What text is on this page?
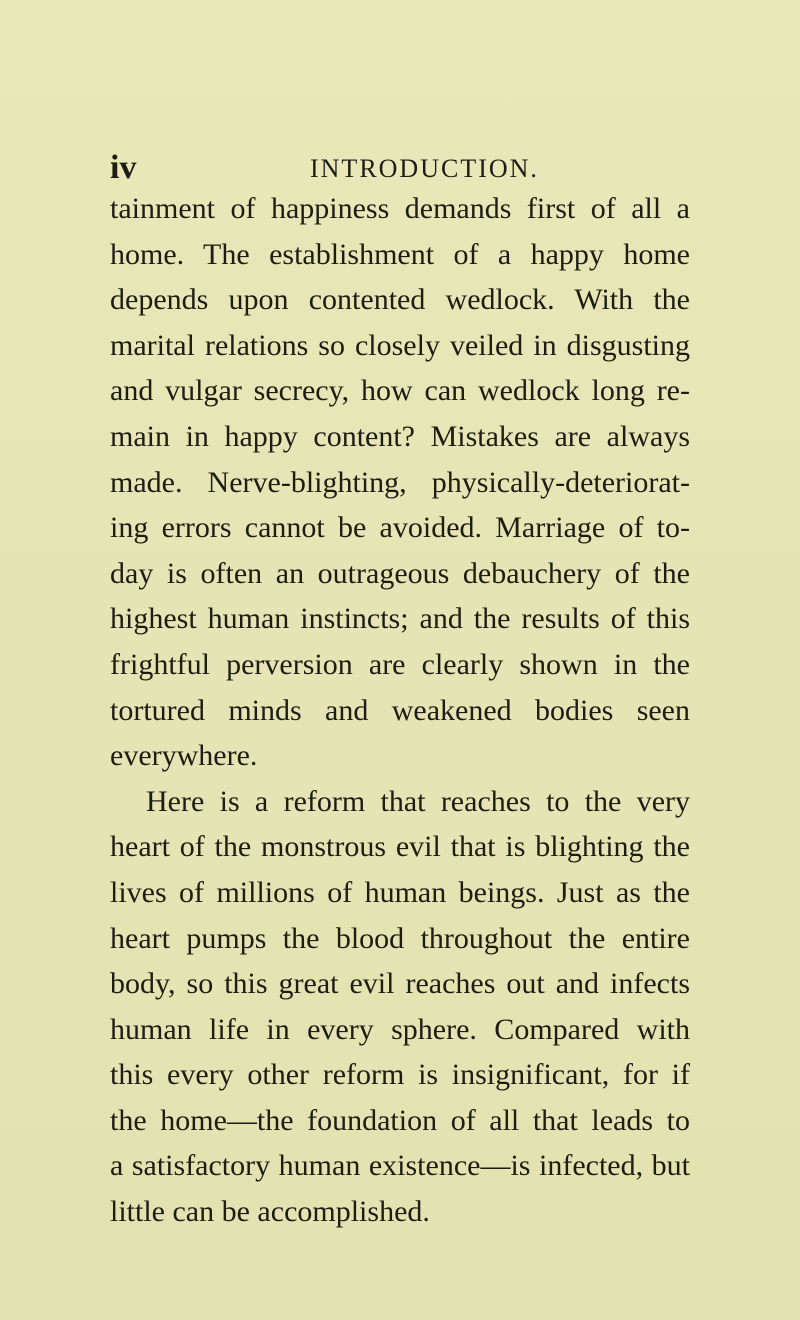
iv	INTRODUCTION.
tainment of happiness demands first of all a
home. The establishment of a happy home
depends upon contented wedlock. With the
marital relations so closely veiled in disgusting
and vulgar secrecy, how can wedlock long re-
main in happy content? Mistakes are always
made. Nerve-blighting, physically-deteriorat-
ing errors cannot be avoided. Marriage of to-
day is often an outrageous debauchery of the
highest human instincts; and the results of this
frightful perversion are clearly shown in the
tortured minds and weakened bodies seen
everywhere.
Here is a reform that reaches to the very
heart of the monstrous evil that is blighting the
lives of millions of human beings. Just as the
heart pumps the blood throughout the entire
body, so this great evil reaches out and infects
human life in every sphere. Compared with
this every other reform is insignificant, for if
the home—the foundation of all that leads to
a satisfactory human existence—is infected, but
little can be accomplished.
